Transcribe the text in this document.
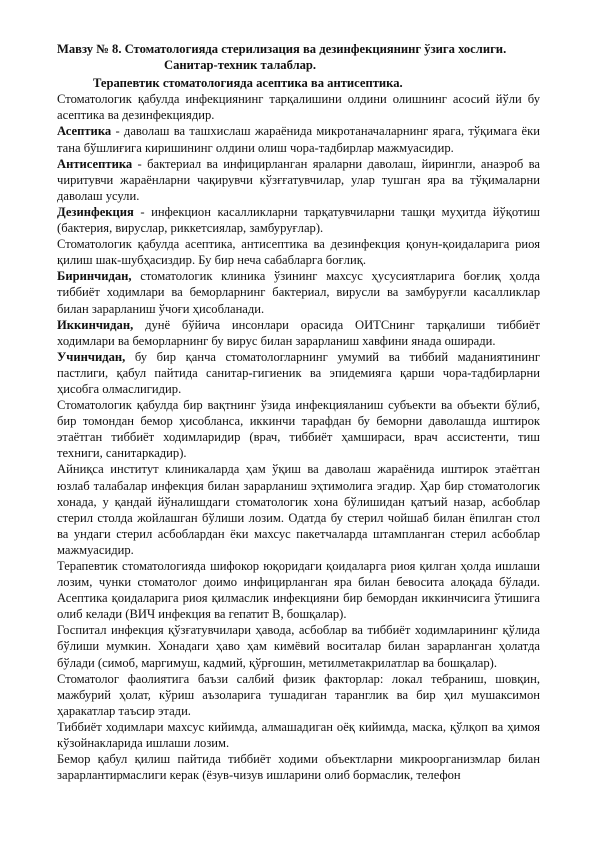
Мавзу № 8. Стоматологияда стерилизация ва дезинфекциянинг ўзига хослиги.
Санитар-техник талаблар.
Терапевтик стоматологияда асептика ва антисептика.

Стоматологик қабулда инфекциянинг тарқалишини олдини олишнинг асосий йўли бу асептика ва дезинфекциядир.

Асептика - даволаш ва ташхислаш жараёнида микротаначаларнинг ярага, тўқимага ёки тана бўшлиғига киришининг олдини олиш чора-тадбирлар мажмуасидир.

Антисептика - бактериал ва инфицирланган яраларни даволаш, йирингли, анаэроб ва чиритувчи жараёнларни чақирувчи кўзғғатувчилар, улар тушган яра ва тўқималарни даволаш усули.

Дезинфекция - инфекцион касалликларни тарқатувчиларни ташқи муҳитда йўқотиш (бактерия, вируслар, риккетсиялар, замбуруғлар).

Стоматологик қабулда асептика, антисептика ва дезинфекция қонун-қоидаларига риоя қилиш шак-шубҳасиздир. Бу бир неча сабабларга боғлиқ.

Биринчидан, стоматологик клиника ўзининг махсус ҳусусиятларига боғлиқ ҳолда тиббиёт ходимлари ва беморларнинг бактериал, вирусли ва замбуруғли касалликлар билан зарарланиш ўчоғи ҳисобланади.

Иккинчидан, дунё бўйича инсонлари орасида ОИТСнинг тарқалиши тиббиёт ходимлари ва беморларнинг бу вирус билан зарарланиш хавфини янада оширади.

Учинчидан, бу бир қанча стоматологларнинг умумий ва тиббий маданиятининг пастлиги, қабул пайтида санитар-гигиеник ва эпидемияга қарши чора-тадбирларни ҳисобга олмаслигидир.

Стоматологик қабулда бир вақтнинг ўзида инфекцияланиш субъекти ва объекти бўлиб, бир томондан бемор ҳисобланса, иккинчи тарафдан бу беморни даволашда иштирок этаётган тиббиёт ходимларидир (врач, тиббиёт ҳамшираси, врач ассистенти, тиш техниги, санитаркадир).

Айниқса институт клиникаларда ҳам ўқиш ва даволаш жараёнида иштирок этаётган юзлаб талабалар инфекция билан зарарланиш эҳтимолига эгадир. Ҳар бир стоматологик хонада, у қандай йўналишдаги стоматологик хона бўлишидан қатъий назар, асбоблар стерил столда жойлашган бўлиши лозим. Одатда бу стерил чойшаб билан ёпилган стол ва ундаги стерил асбоблардан ёки махсус пакетчаларда штампланган стерил асбоблар мажмуасидир.

Терапевтик стоматологияда шифокор юқоридаги қоидаларга риоя қилган ҳолда ишлаши лозим, чунки стоматолог доимо инфицирланган яра билан бевосита алоқада бўлади. Асептика қоидаларига риоя қилмаслик инфекцияни бир бемордан иккинчисига ўтишига олиб келади (ВИЧ инфекция ва гепатит В, бошқалар).

Госпитал инфекция қўзғатувчилари ҳавода, асбоблар ва тиббиёт ходимларининг қўлида бўлиши мумкин. Хонадаги ҳаво ҳам кимёвий воситалар билан зарарланган ҳолатда бўлади (симоб, маргимуш, кадмий, қўрғошин, метилметакрилатлар ва бошқалар).

Стоматолог фаолиятига баъзи салбий физик факторлар: локал тебраниш, шовқин, мажбурий ҳолат, кўриш аъзоларига тушадиган таранглик ва бир ҳил мушаксимон ҳаракатлар таъсир этади.

Тиббиёт ходимлари махсус кийимда, алмашадиган оёқ кийимда, маска, қўлқоп ва ҳимоя кўзойнакларида ишлаши лозим.

Бемор қабул қилиш пайтида тиббиёт ходими объектларни микроорганизмлар билан зарарлантирмаслиги керак (ёзув-чизув ишларини олиб бормаслик, телефон
